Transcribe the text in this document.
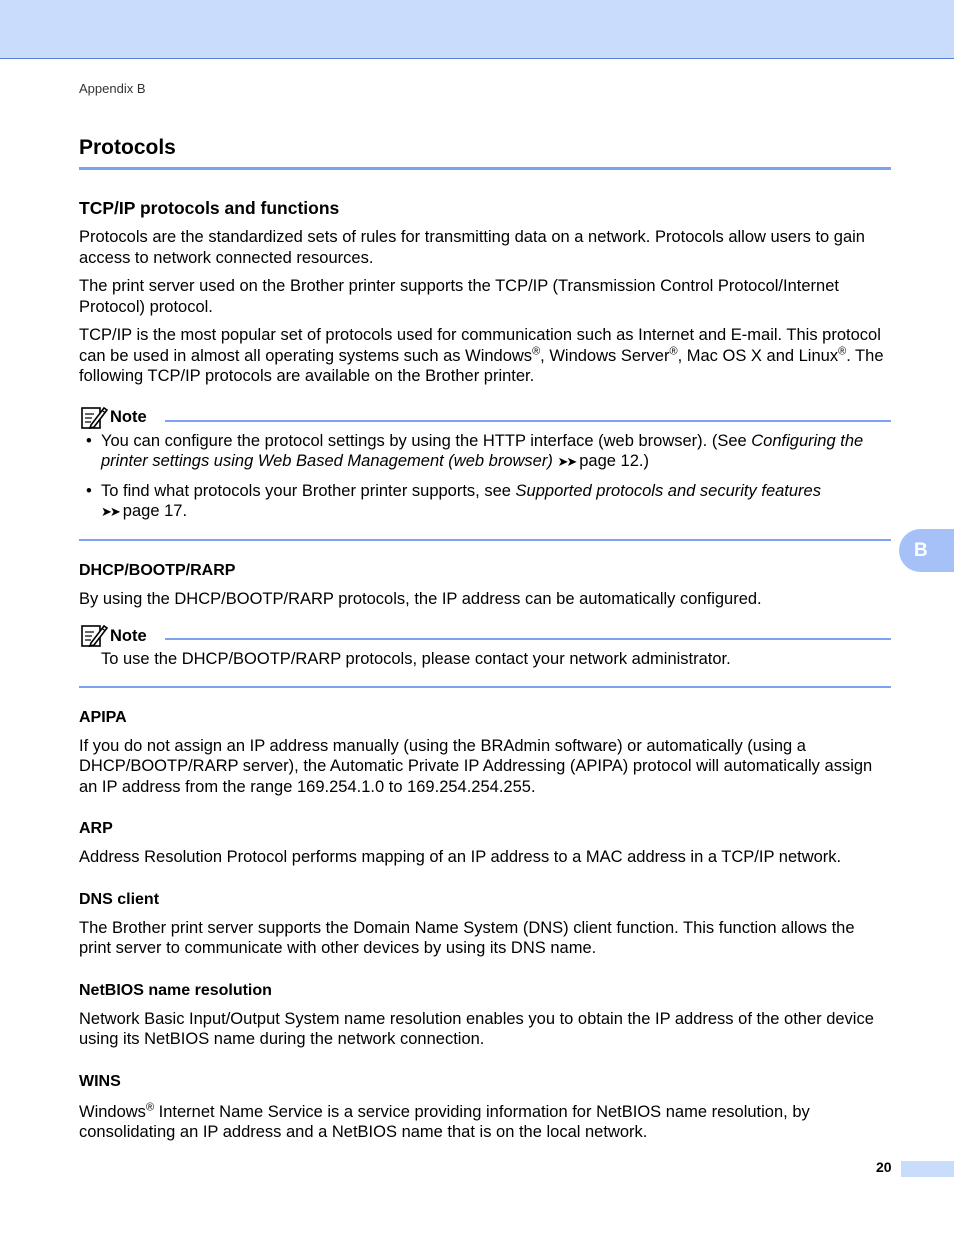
Appendix B
Protocols
TCP/IP protocols and functions

Protocols are the standardized sets of rules for transmitting data on a network. Protocols allow users to gain access to network connected resources.

The print server used on the Brother printer supports the TCP/IP (Transmission Control Protocol/Internet Protocol) protocol.

TCP/IP is the most popular set of protocols used for communication such as Internet and E-mail. This protocol can be used in almost all operating systems such as Windows®, Windows Server®, Mac OS X and Linux®. The following TCP/IP protocols are available on the Brother printer.

Note

• You can configure the protocol settings by using the HTTP interface (web browser). (See Configuring the printer settings using Web Based Management (web browser) ➤➤ page 12.)

• To find what protocols your Brother printer supports, see Supported protocols and security features
➤➤ page 17.

DHCP/BOOTP/RARP

By using the DHCP/BOOTP/RARP protocols, the IP address can be automatically configured.

Note

To use the DHCP/BOOTP/RARP protocols, please contact your network administrator.

APIPA

If you do not assign an IP address manually (using the BRAdmin software) or automatically (using a DHCP/BOOTP/RARP server), the Automatic Private IP Addressing (APIPA) protocol will automatically assign an IP address from the range 169.254.1.0 to 169.254.254.255.

ARP

Address Resolution Protocol performs mapping of an IP address to a MAC address in a TCP/IP network.

DNS client

The Brother print server supports the Domain Name System (DNS) client function. This function allows the print server to communicate with other devices by using its DNS name.

NetBIOS name resolution

Network Basic Input/Output System name resolution enables you to obtain the IP address of the other device using its NetBIOS name during the network connection.

WINS

Windows® Internet Name Service is a service providing information for NetBIOS name resolution, by consolidating an IP address and a NetBIOS name that is on the local network.

B
20
